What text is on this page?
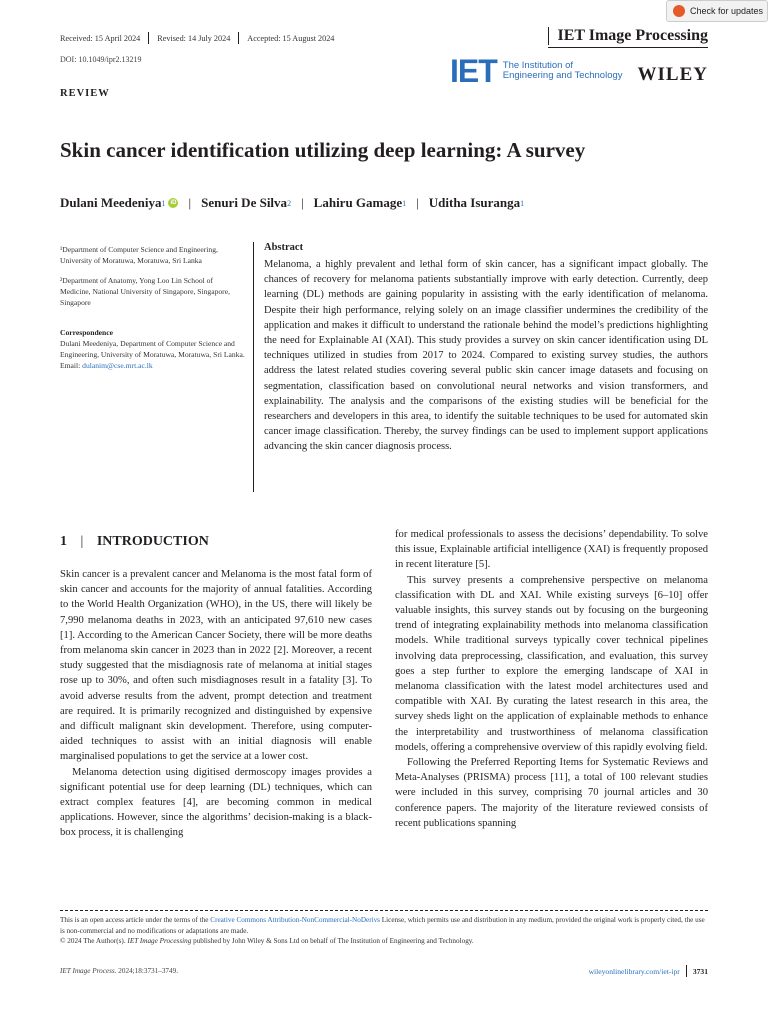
Check for updates
Received: 15 April 2024 Revised: 14 July 2024 Accepted: 15 August 2024	IET Image Processing
DOI: 10.1049/ipr2.13219	IET The Institution of
Engineering and Technology WILEY
REVIEW
Skin cancer identification utilizing deep learning: A survey
Dulani Meedeniya 1 iD | Senuri De Silva 2 | Lahiru Gamage 1 | Uditha Isuranga 1
¹Department of Computer Science and Engineering, University of Moratuwa, Moratuwa, Sri Lanka
²Department of Anatomy, Yong Loo Lin School of Medicine, National University of Singapore, Singapore, Singapore
Correspondence
Dulani Meedeniya, Department of Computer Science and Engineering, University of Moratuwa, Moratuwa, Sri Lanka.
Email: dulanim@cse.mrt.ac.lk
Abstract
Melanoma, a highly prevalent and lethal form of skin cancer, has a significant impact globally. The chances of recovery for melanoma patients substantially improve with early detection. Currently, deep learning (DL) methods are gaining popularity in assisting with the early identification of melanoma. Despite their high performance, relying solely on an image classifier undermines the credibility of the application and makes it difficult to understand the rationale behind the model’s predictions highlighting the need for Explainable AI (XAI). This study provides a survey on skin cancer identification using DL techniques utilized in studies from 2017 to 2024. Compared to existing survey studies, the authors address the latest related studies covering several public skin cancer image datasets and focusing on segmentation, classification based on convolutional neural networks and vision transformers, and explainability. The analysis and the comparisons of the existing studies will be beneficial for the researchers and developers in this area, to identify the suitable techniques to be used for automated skin cancer image classification. Thereby, the survey findings can be used to implement support applications advancing the skin cancer diagnosis process.
1 | INTRODUCTION

Skin cancer is a prevalent cancer and Melanoma is the most fatal form of skin cancer and accounts for the majority of annual fatalities. According to the World Health Organization (WHO), in the US, there will likely be 7,990 melanoma deaths in 2023, with an anticipated 97,610 new cases [1]. According to the American Cancer Society, there will be more deaths from melanoma skin cancer in 2023 than in 2022 [2]. Moreover, a recent study suggested that the misdiagnosis rate of melanoma at initial stages rose up to 30%, and often such misdiagnoses result in a fatality [3]. To avoid adverse results from the advent, prompt detection and treatment are required. It is primarily recognized and distinguished by expensive and difficult malignant skin development. Therefore, using computer-aided techniques to assist with an initial diagnosis will enable marginalised populations to get the service at a lower cost.

Melanoma detection using digitised dermoscopy images provides a significant potential use for deep learning (DL) techniques, which can extract complex features [4], are becoming common in medical applications. However, since the algorithms’ decision-making is a black-box process, it is challenging

for medical professionals to assess the decisions’ dependability. To solve this issue, Explainable artificial intelligence (XAI) is frequently proposed in recent literature [5].

This survey presents a comprehensive perspective on melanoma classification with DL and XAI. While existing surveys [6–10] offer valuable insights, this survey stands out by focusing on the burgeoning trend of integrating explainability methods into melanoma classification models. While traditional surveys typically cover technical pipelines involving data preprocessing, classification, and evaluation, this survey goes a step further to explore the emerging landscape of XAI in melanoma classification with the latest model architectures used and compatible with XAI. By curating the latest research in this area, the survey sheds light on the application of explainable methods to enhance the interpretability and trustworthiness of melanoma classification models, offering a comprehensive overview of this rapidly evolving field.

Following the Preferred Reporting Items for Systematic Reviews and Meta-Analyses (PRISMA) process [11], a total of 100 relevant studies were included in this survey, comprising 70 journal articles and 30 conference papers. The majority of the literature reviewed consists of recent publications spanning

This is an open access article under the terms of the Creative Commons Attribution-NonCommercial-NoDerivs License, which permits use and distribution in any medium, provided the original work is properly cited, the use is non-commercial and no modifications or adaptations are made.
© 2024 The Author(s). IET Image Processing published by John Wiley & Sons Ltd on behalf of The Institution of Engineering and Technology.
IET Image Process. 2024;18:3731–3749.	wileyonlinelibrary.com/iet-ipr 3731
